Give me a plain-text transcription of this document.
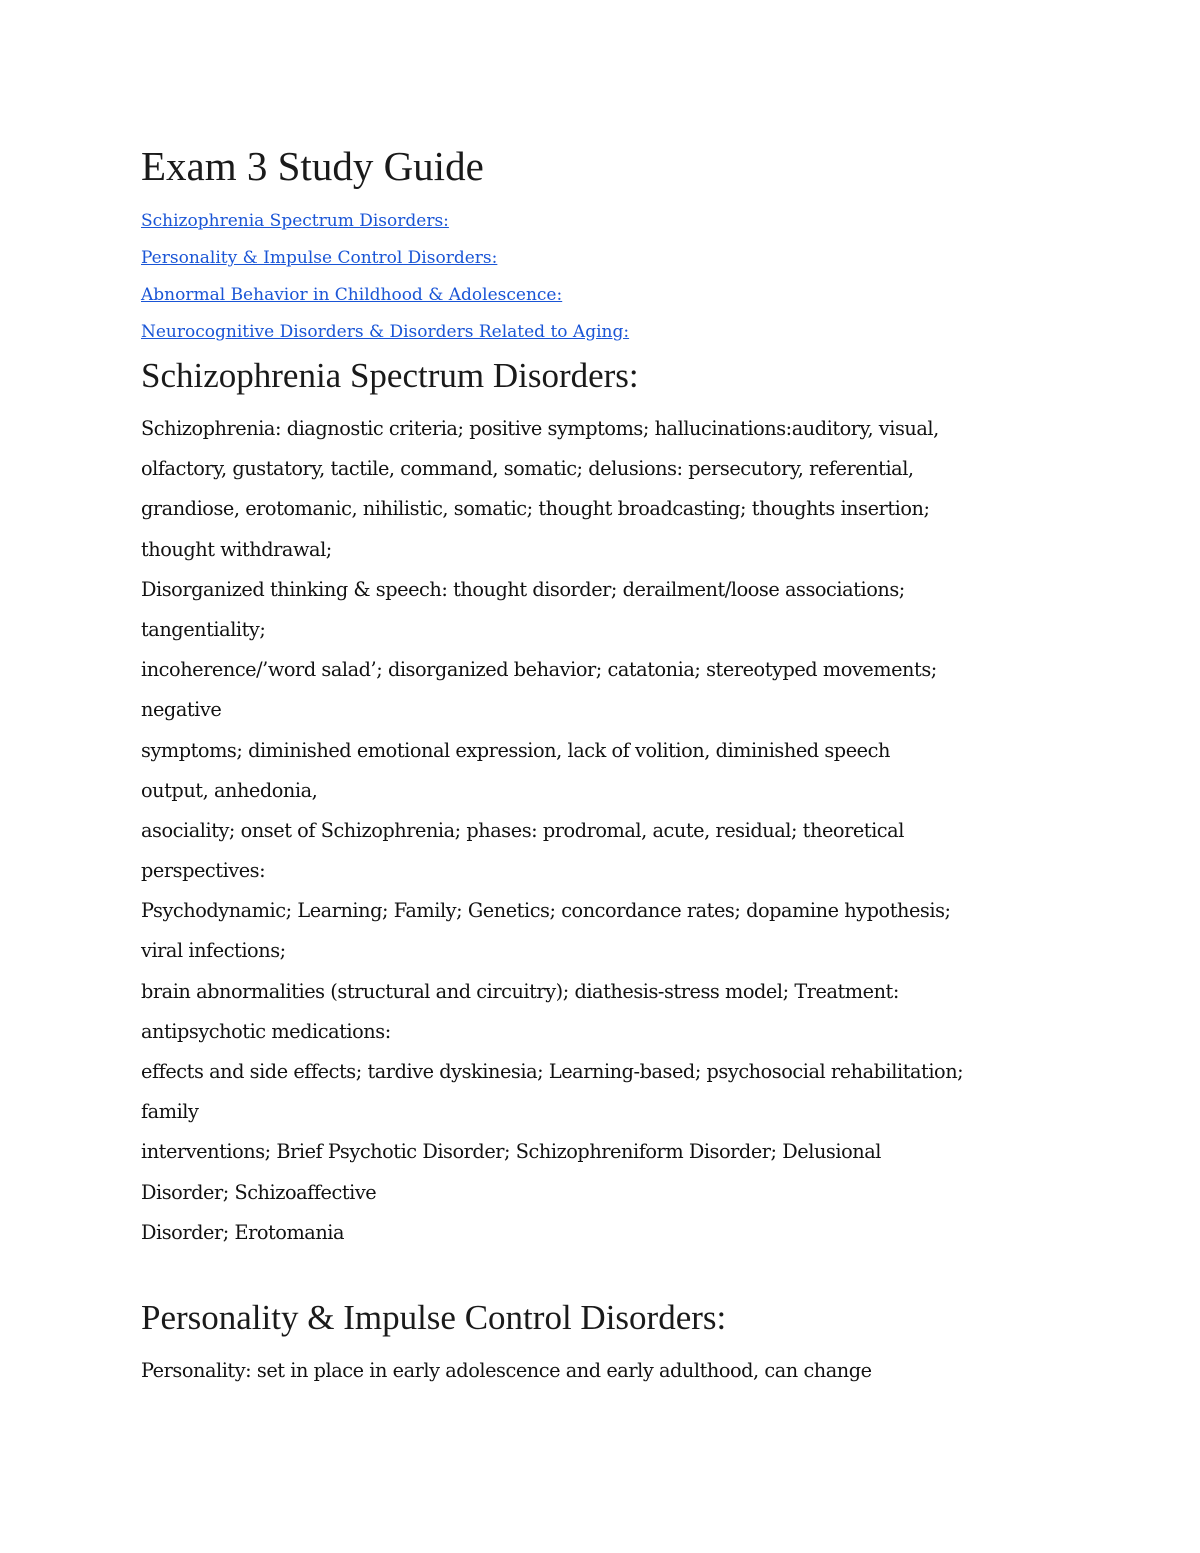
Exam 3 Study Guide
Schizophrenia Spectrum Disorders:
Personality & Impulse Control Disorders:
Abnormal Behavior in Childhood & Adolescence:
Neurocognitive Disorders & Disorders Related to Aging:
Schizophrenia Spectrum Disorders:
Schizophrenia: diagnostic criteria; positive symptoms; hallucinations:auditory, visual,
olfactory, gustatory, tactile, command, somatic; delusions: persecutory, referential,
grandiose, erotomanic, nihilistic, somatic; thought broadcasting; thoughts insertion;
thought withdrawal;
Disorganized thinking & speech: thought disorder; derailment/loose associations;
tangentiality;
incoherence/’word salad’; disorganized behavior; catatonia; stereotyped movements;
negative
symptoms; diminished emotional expression, lack of volition, diminished speech
output, anhedonia,
asociality; onset of Schizophrenia; phases: prodromal, acute, residual; theoretical
perspectives:
Psychodynamic; Learning; Family; Genetics; concordance rates; dopamine hypothesis;
viral infections;
brain abnormalities (structural and circuitry); diathesis-stress model; Treatment:
antipsychotic medications:
effects and side effects; tardive dyskinesia; Learning-based; psychosocial rehabilitation;
family
interventions; Brief Psychotic Disorder; Schizophreniform Disorder; Delusional
Disorder; Schizoaffective
Disorder; Erotomania
Personality & Impulse Control Disorders:
Personality: set in place in early adolescence and early adulthood, can change
